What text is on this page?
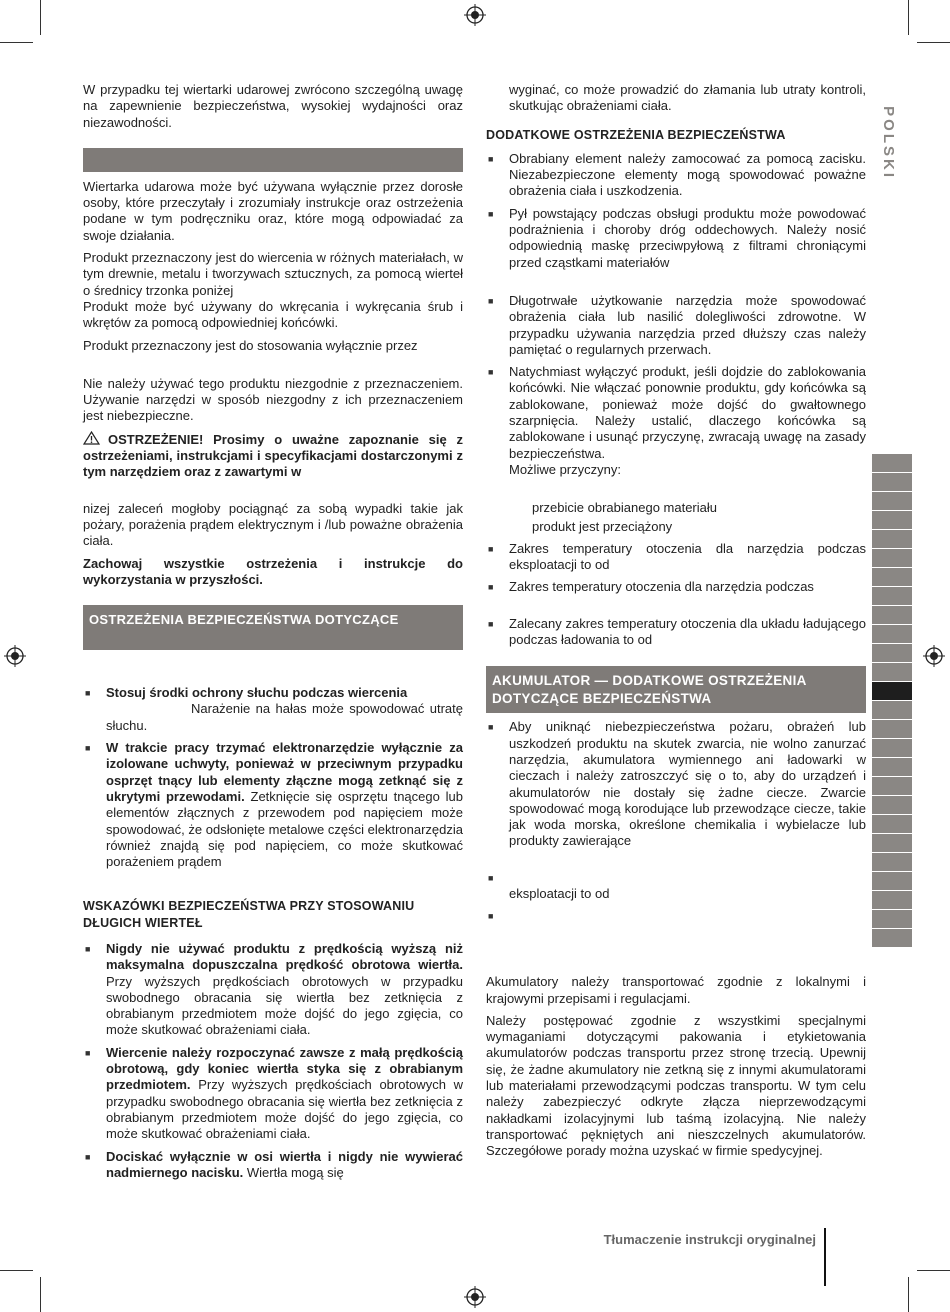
POLSKI

W przypadku tej wiertarki udarowej zwrócono szczególną uwagę na zapewnienie bezpieczeństwa, wysokiej wydajności oraz niezawodności.

Wiertarka udarowa może być używana wyłącznie przez dorosłe osoby, które przeczytały i zrozumiały instrukcje oraz ostrzeżenia podane w tym podręczniku oraz, które mogą odpowiadać za swoje działania.

Produkt przeznaczony jest do wiercenia w różnych materiałach, w tym drewnie, metalu i tworzywach sztucznych, za pomocą wierteł o średnicy trzonka poniżej

Produkt może być używany do wkręcania i wykręcania śrub i wkrętów za pomocą odpowiedniej końcówki.

Produkt przeznaczony jest do stosowania wyłącznie przez

Nie należy używać tego produktu niezgodnie z przeznaczeniem. Używanie narzędzi w sposób niezgodny z ich przeznaczeniem jest niebezpieczne.

OSTRZEŻENIE! Prosimy o uważne zapoznanie się z ostrzeżeniami, instrukcjami i specyfikacjami dostarczonymi z tym narzędziem oraz z zawartymi w

nizej zaleceń mogłoby pociągnąć za sobą wypadki takie jak pożary, porażenia prądem elektrycznym i /lub poważne obrażenia ciała.

Zachowaj wszystkie ostrzeżenia i instrukcje do wykorzystania w przyszłości.

OSTRZEŻENIA BEZPIECZEŃSTWA DOTYCZĄCE
■ Stosuj środki ochrony słuchu podczas wiercenia
Narażenie na hałas może spowodować utratę słuchu.
■ W trakcie pracy trzymać elektronarzędzie wyłącznie za izolowane uchwyty, ponieważ w przeciwnym przypadku osprzęt tnący lub elementy złączne mogą zetknąć się z ukrytymi przewodami. Zetknięcie się osprzętu tnącego lub elementów złącznych z przewodem pod napięciem może spowodować, że odsłonięte metalowe części elektronarzędzia również znajdą się pod napięciem, co może skutkować porażeniem prądem

WSKAZÓWKI BEZPIECZEŃSTWA PRZY STOSOWANIU DŁUGICH WIERTEŁ

■ Nigdy nie używać produktu z prędkością wyższą niż maksymalna dopuszczalna prędkość obrotowa wiertła. Przy wyższych prędkościach obrotowych w przypadku swobodnego obracania się wiertła bez zetknięcia z obrabianym przedmiotem może dojść do jego zgięcia, co może skutkować obrażeniami ciała.
■ Wiercenie należy rozpoczynać zawsze z małą prędkością obrotową, gdy koniec wiertła styka się z obrabianym przedmiotem. Przy wyższych prędkościach obrotowych w przypadku swobodnego obracania się wiertła bez zetknięcia z obrabianym przedmiotem może dojść do jego zgięcia, co może skutkować obrażeniami ciała.
■ Dociskać wyłącznie w osi wiertła i nigdy nie wywierać nadmiernego nacisku. Wiertła mogą się

wyginać, co może prowadzić do złamania lub utraty kontroli, skutkując obrażeniami ciała.

DODATKOWE OSTRZEŻENIA BEZPIECZEŃSTWA

■ Obrabiany element należy zamocować za pomocą zacisku. Niezabezpieczone elementy mogą spowodować poważne obrażenia ciała i uszkodzenia.
■ Pył powstający podczas obsługi produktu może powodować podrażnienia i choroby dróg oddechowych. Należy nosić odpowiednią maskę przeciwpyłową z filtrami chroniącymi przed cząstkami materiałów
■ Długotrwałe użytkowanie narzędzia może spowodować obrażenia ciała lub nasilić dolegliwości zdrowotne. W przypadku używania narzędzia przed dłuższy czas należy pamiętać o regularnych przerwach.
■ Natychmiast wyłączyć produkt, jeśli dojdzie do zablokowania końcówki. Nie włączać ponownie produktu, gdy końcówka są zablokowane, ponieważ może dojść do gwałtownego szarpnięcia. Należy ustalić, dlaczego końcówka są zablokowane i usunąć przyczynę, zwracają uwagę na zasady bezpieczeństwa.
Możliwe przyczyny:
przebicie obrabianego materiału
produkt jest przeciążony
■ Zakres temperatury otoczenia dla narzędzia podczas eksploatacji to od
■ Zakres temperatury otoczenia dla narzędzia podczas
■ Zalecany zakres temperatury otoczenia dla układu ładującego podczas ładowania to od
AKUMULATOR — DODATKOWE OSTRZEŻENIA DOTYCZĄCE BEZPIECZEŃSTWA
■ Aby uniknąć niebezpieczeństwa pożaru, obrażeń lub uszkodzeń produktu na skutek zwarcia, nie wolno zanurzać narzędzia, akumulatora wymiennego ani ładowarki w cieczach i należy zatroszczyć się o to, aby do urządzeń i akumulatorów nie dostały się żadne ciecze. Zwarcie spowodować mogą korodujące lub przewodzące ciecze, takie jak woda morska, określone chemikalia i wybielacze lub produkty zawierające
■

eksploatacji to od
■

Akumulatory należy transportować zgodnie z lokalnymi i krajowymi przepisami i regulacjami.

Należy postępować zgodnie z wszystkimi specjalnymi wymaganiami dotyczącymi pakowania i etykietowania akumulatorów podczas transportu przez stronę trzecią. Upewnij się, że żadne akumulatory nie zetkną się z innymi akumulatorami lub materiałami przewodzącymi podczas transportu. W tym celu należy zabezpieczyć odkryte złącza nieprzewodzącymi nakładkami izolacyjnymi lub taśmą izolacyjną. Nie należy transportować pękniętych ani nieszczelnych akumulatorów. Szczegółowe porady można uzyskać w firmie spedycyjnej.

Tłumaczenie instrukcji oryginalnej
